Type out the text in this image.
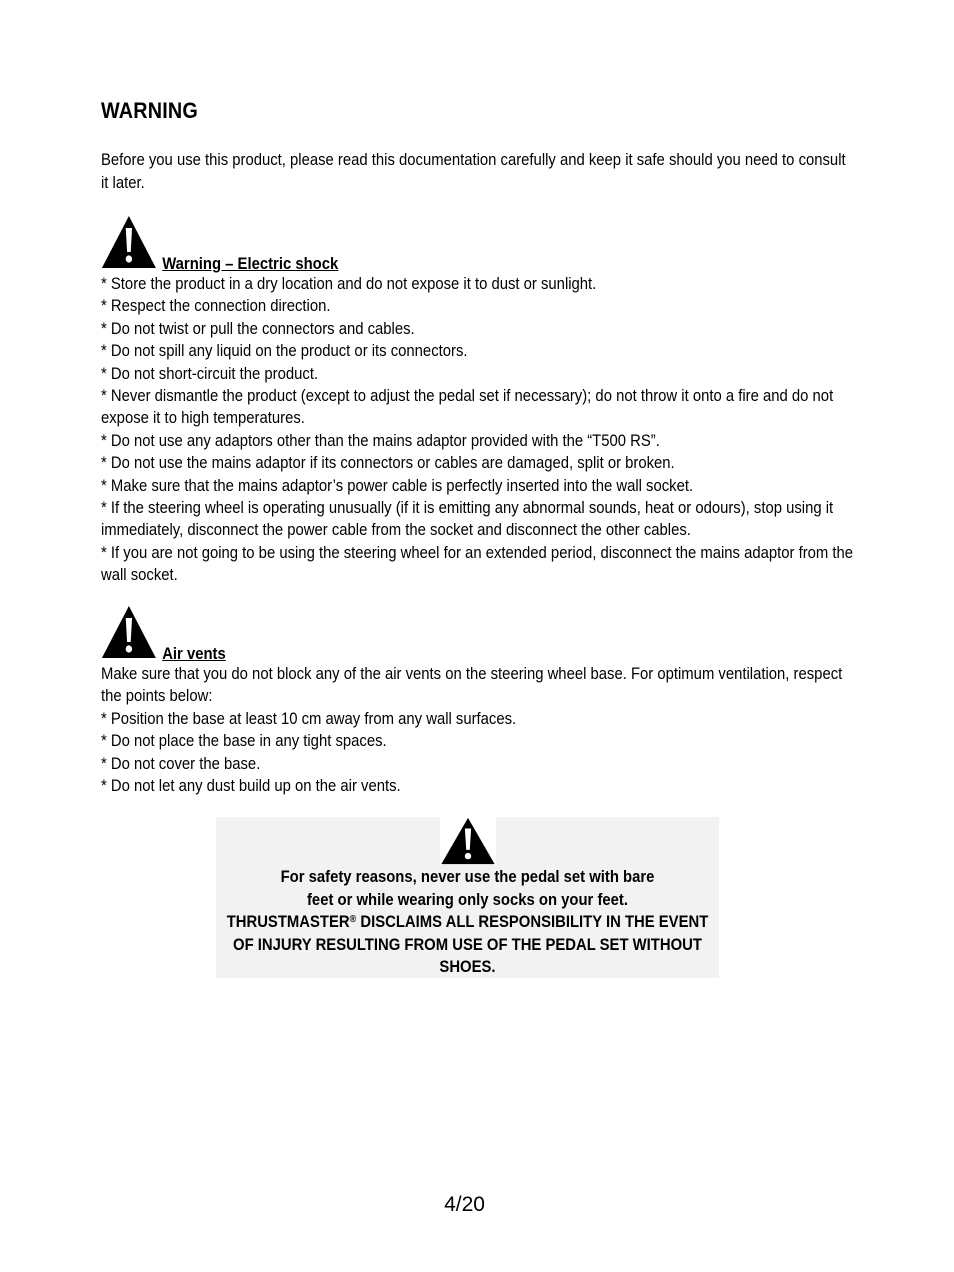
WARNING

Before you use this product, please read this documentation carefully and keep it safe should you need to consult it later.

Warning – Electric shock
* Store the product in a dry location and do not expose it to dust or sunlight.
* Respect the connection direction.
* Do not twist or pull the connectors and cables.
* Do not spill any liquid on the product or its connectors.
* Do not short-circuit the product.
* Never dismantle the product (except to adjust the pedal set if necessary); do not throw it onto a fire and do not expose it to high temperatures.
* Do not use any adaptors other than the mains adaptor provided with the “T500 RS”.
* Do not use the mains adaptor if its connectors or cables are damaged, split or broken.
* Make sure that the mains adaptor’s power cable is perfectly inserted into the wall socket.
* If the steering wheel is operating unusually (if it is emitting any abnormal sounds, heat or odours), stop using it immediately, disconnect the power cable from the socket and disconnect the other cables.
* If you are not going to be using the steering wheel for an extended period, disconnect the mains adaptor from the wall socket.
Air vents
Make sure that you do not block any of the air vents on the steering wheel base. For optimum ventilation, respect the points below:
* Position the base at least 10 cm away from any wall surfaces.
* Do not place the base in any tight spaces.
* Do not cover the base.
* Do not let any dust build up on the air vents.
For safety reasons, never use the pedal set with bare feet or while wearing only socks on your feet.
THRUSTMASTER® DISCLAIMS ALL RESPONSIBILITY IN THE EVENT OF INJURY RESULTING FROM USE OF THE PEDAL SET WITHOUT SHOES.
4/20
